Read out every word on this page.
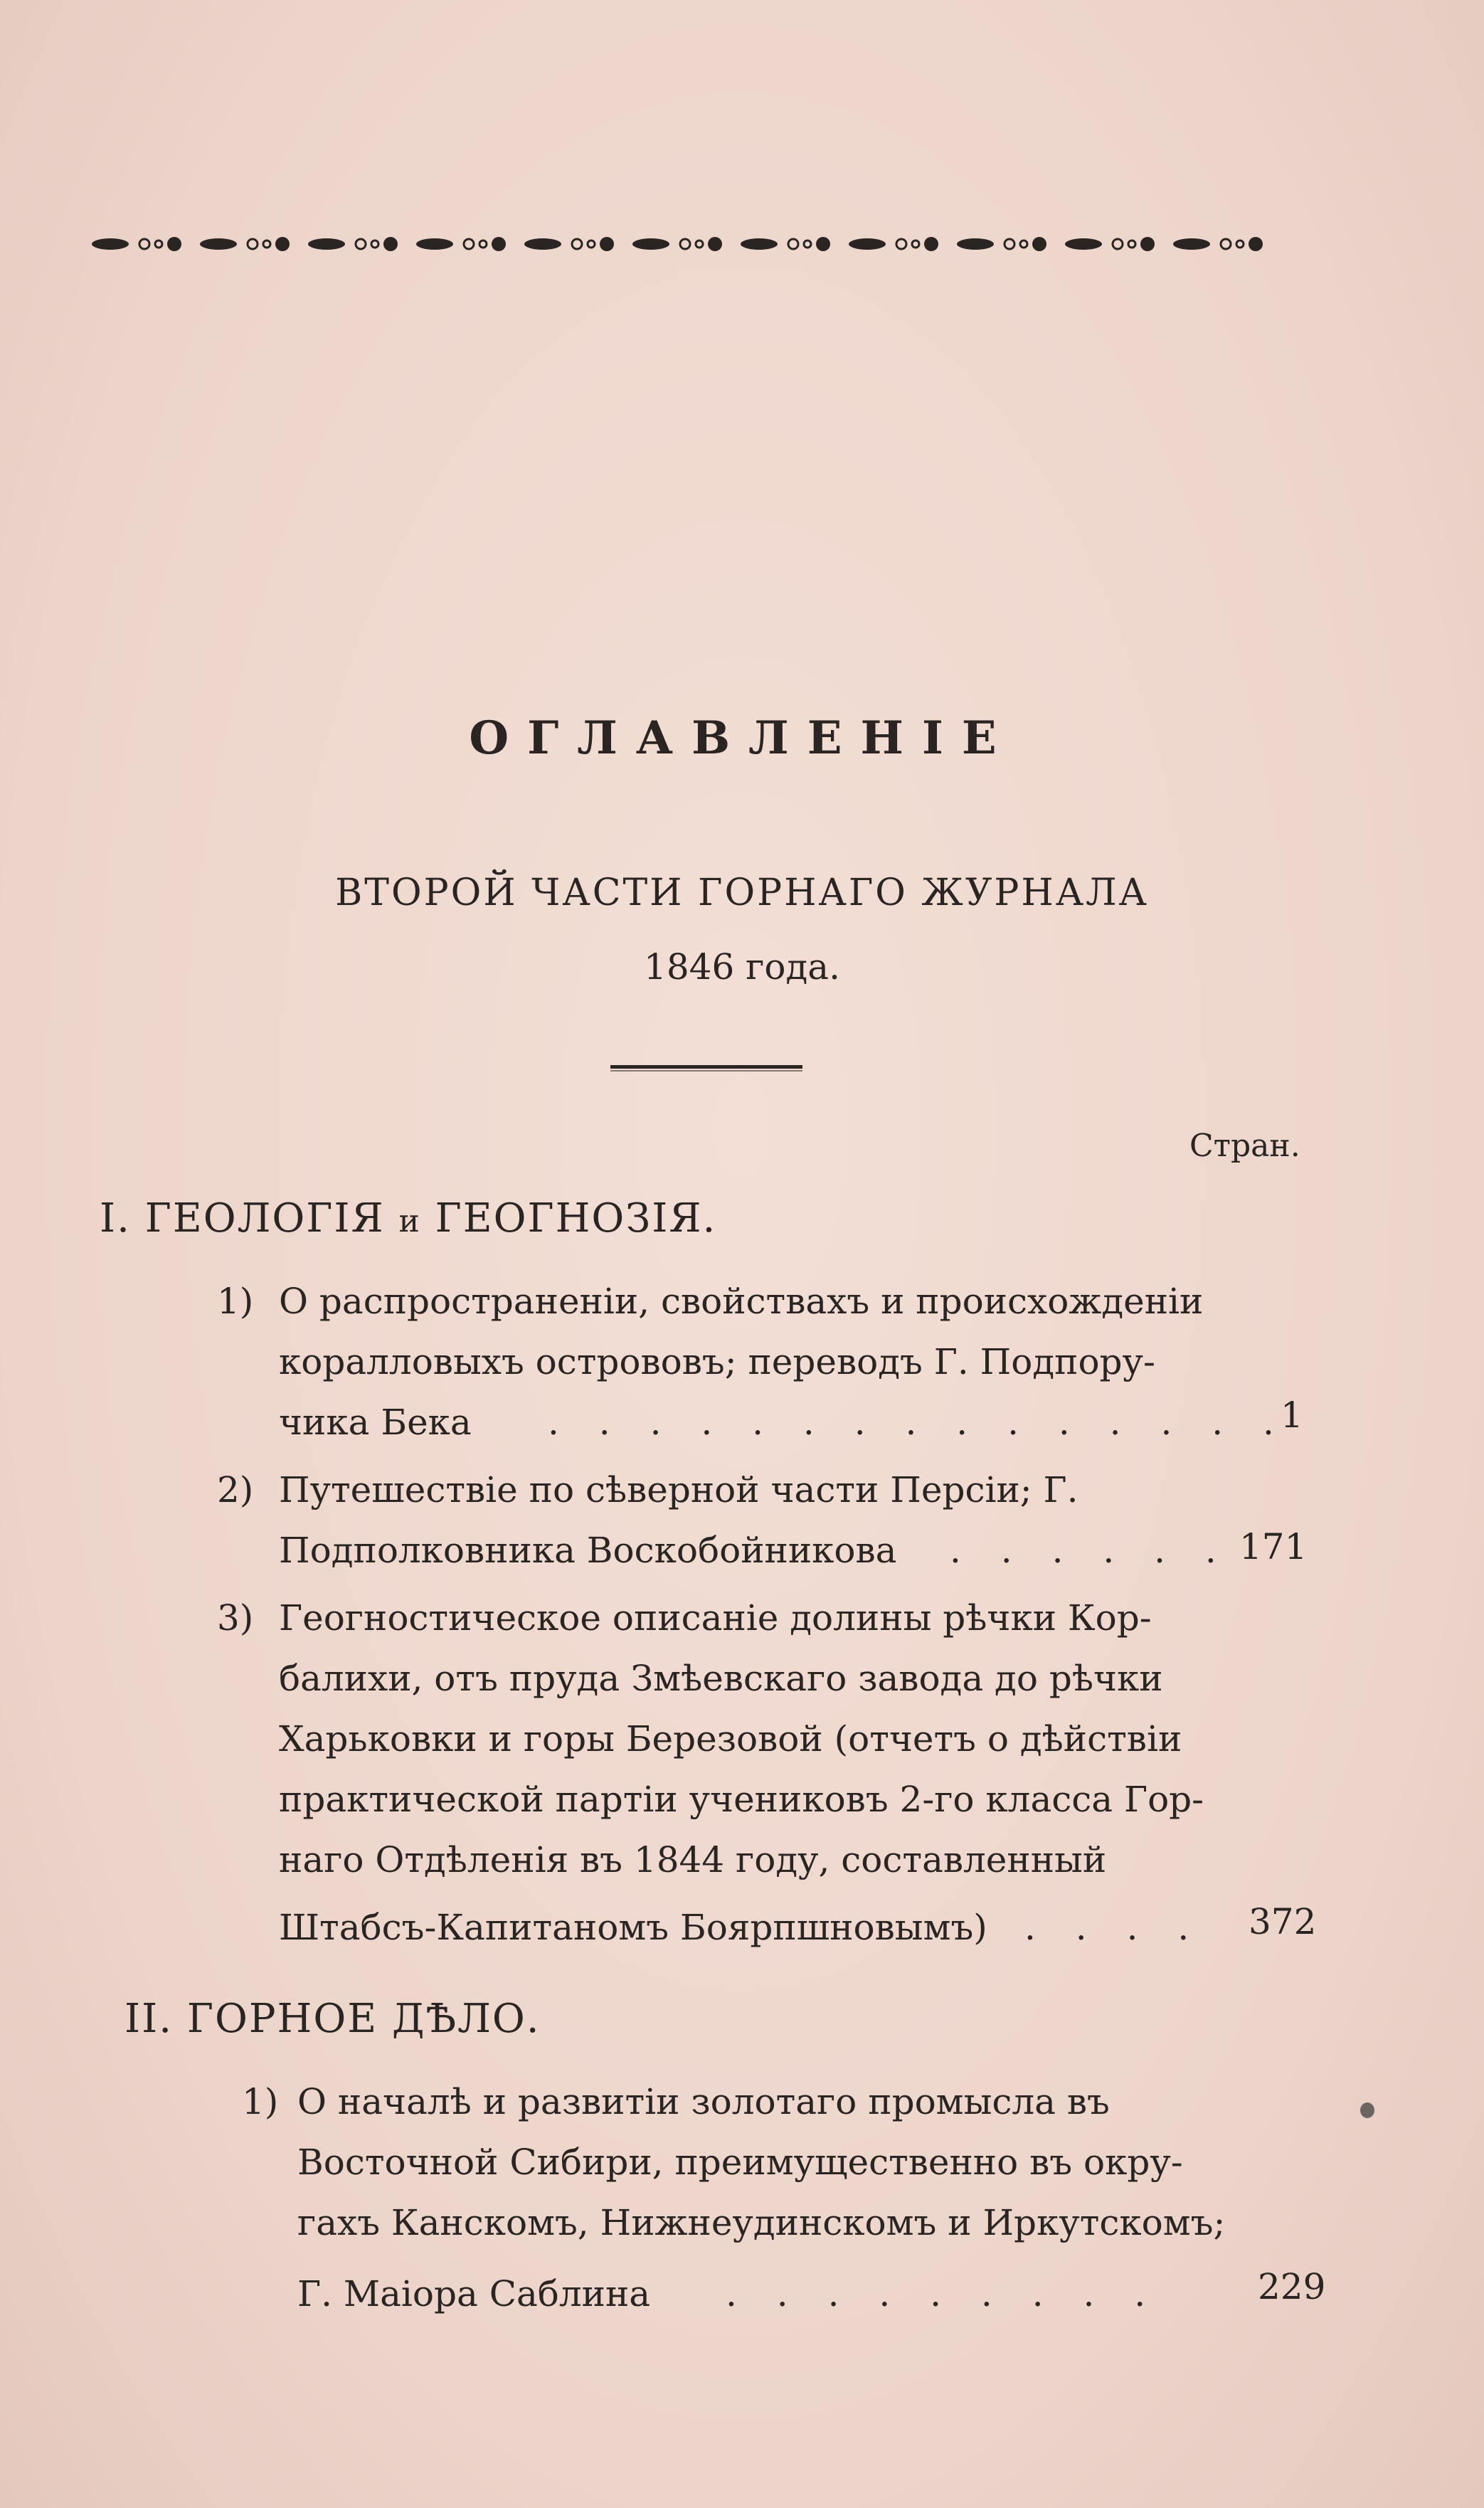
ОГЛАВЛЕНІЕ
ВТОРОЙ ЧАСТИ ГОРНАГО ЖУРНАЛА
1846 года.
Стран.
I. ГЕОЛОГІЯ и ГЕОГНОЗІЯ.
1) О распространеніи, свойствахъ и происхожденіи
коралловыхъ острововъ; переводъ Г. Подпору-
чика Бека . . . . . . . . . . . . . . .
1
2) Путешествіе по сѣверной части Персіи; Г.
Подполковника Воскобойникова . . . . . . 171
3) Геогностическое описаніе долины рѣчки Кор-
балихи, отъ пруда Змѣевскаго завода до рѣчки
Харьковки и горы Березовой (отчетъ о дѣйствіи
практической партіи учениковъ 2-го класса Гор-
наго Отдѣленія въ 1844 году, составленный
Штабсъ-Капитаномъ Боярпшновымъ) . . . . 372
II. ГОРНОЕ ДѢЛО.
1) О началѣ и развитіи золотаго промысла въ
Восточной Сибири, преимущественно въ окру-
гахъ Канскомъ, Нижнеудинскомъ и Иркутскомъ;
Г. Маіора Саблина . . . . . . . . .	229
